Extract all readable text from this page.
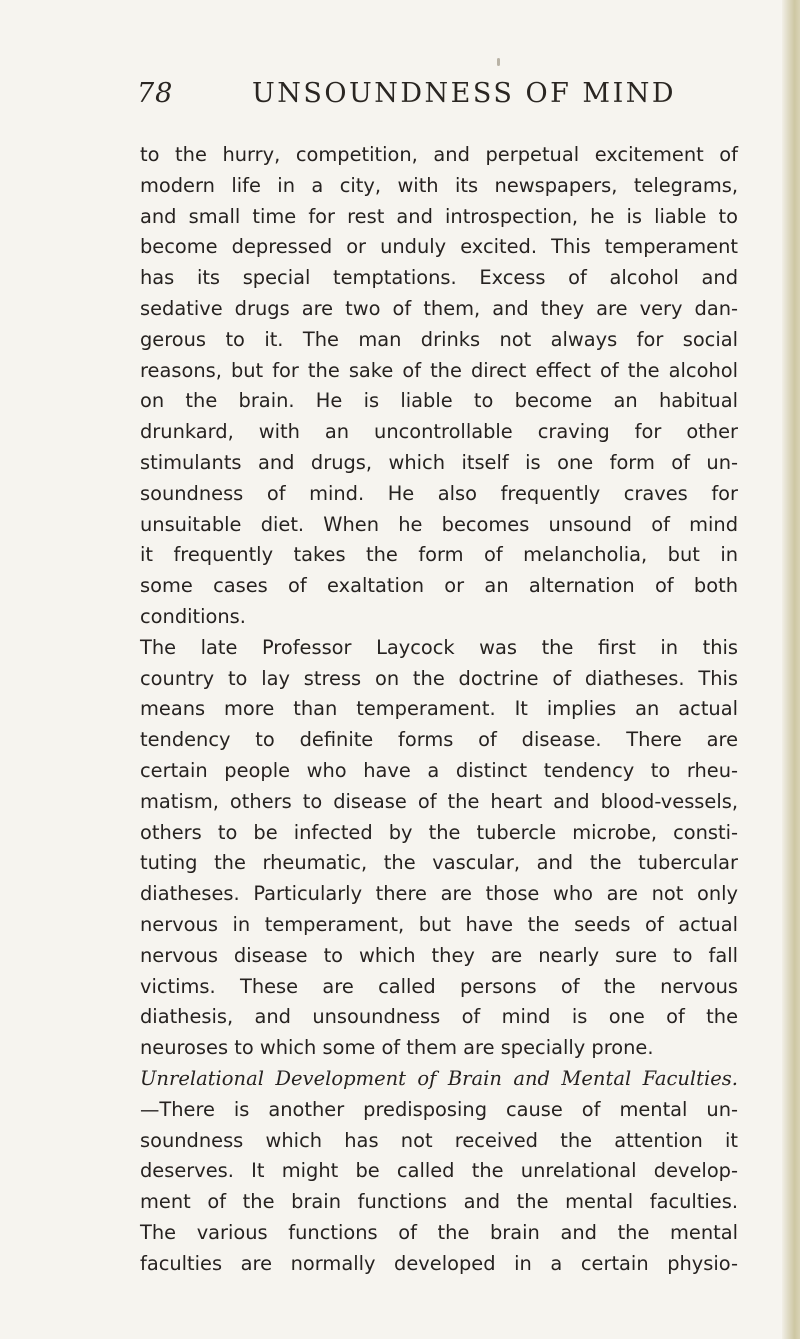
78	UNSOUNDNESS OF MIND
to the hurry, competition, and perpetual excitement of
modern life in a city, with its newspapers, telegrams,
and small time for rest and introspection, he is liable to
become depressed or unduly excited. This temperament
has its special temptations. Excess of alcohol and
sedative drugs are two of them, and they are very dan-
gerous to it. The man drinks not always for social
reasons, but for the sake of the direct effect of the alcohol
on the brain. He is liable to become an habitual
drunkard, with an uncontrollable craving for other
stimulants and drugs, which itself is one form of un-
soundness of mind. He also frequently craves for
unsuitable diet. When he becomes unsound of mind
it frequently takes the form of melancholia, but in
some cases of exaltation or an alternation of both
conditions.
The late Professor Laycock was the first in this
country to lay stress on the doctrine of diatheses. This
means more than temperament. It implies an actual
tendency to definite forms of disease. There are
certain people who have a distinct tendency to rheu-
matism, others to disease of the heart and blood-vessels,
others to be infected by the tubercle microbe, consti-
tuting the rheumatic, the vascular, and the tubercular
diatheses. Particularly there are those who are not only
nervous in temperament, but have the seeds of actual
nervous disease to which they are nearly sure to fall
victims. These are called persons of the nervous
diathesis, and unsoundness of mind is one of the
neuroses to which some of them are specially prone.
Unrelational Development of Brain and Mental Faculties.
—There is another predisposing cause of mental un-
soundness which has not received the attention it
deserves. It might be called the unrelational develop-
ment of the brain functions and the mental faculties.
The various functions of the brain and the mental
faculties are normally developed in a certain physio-
